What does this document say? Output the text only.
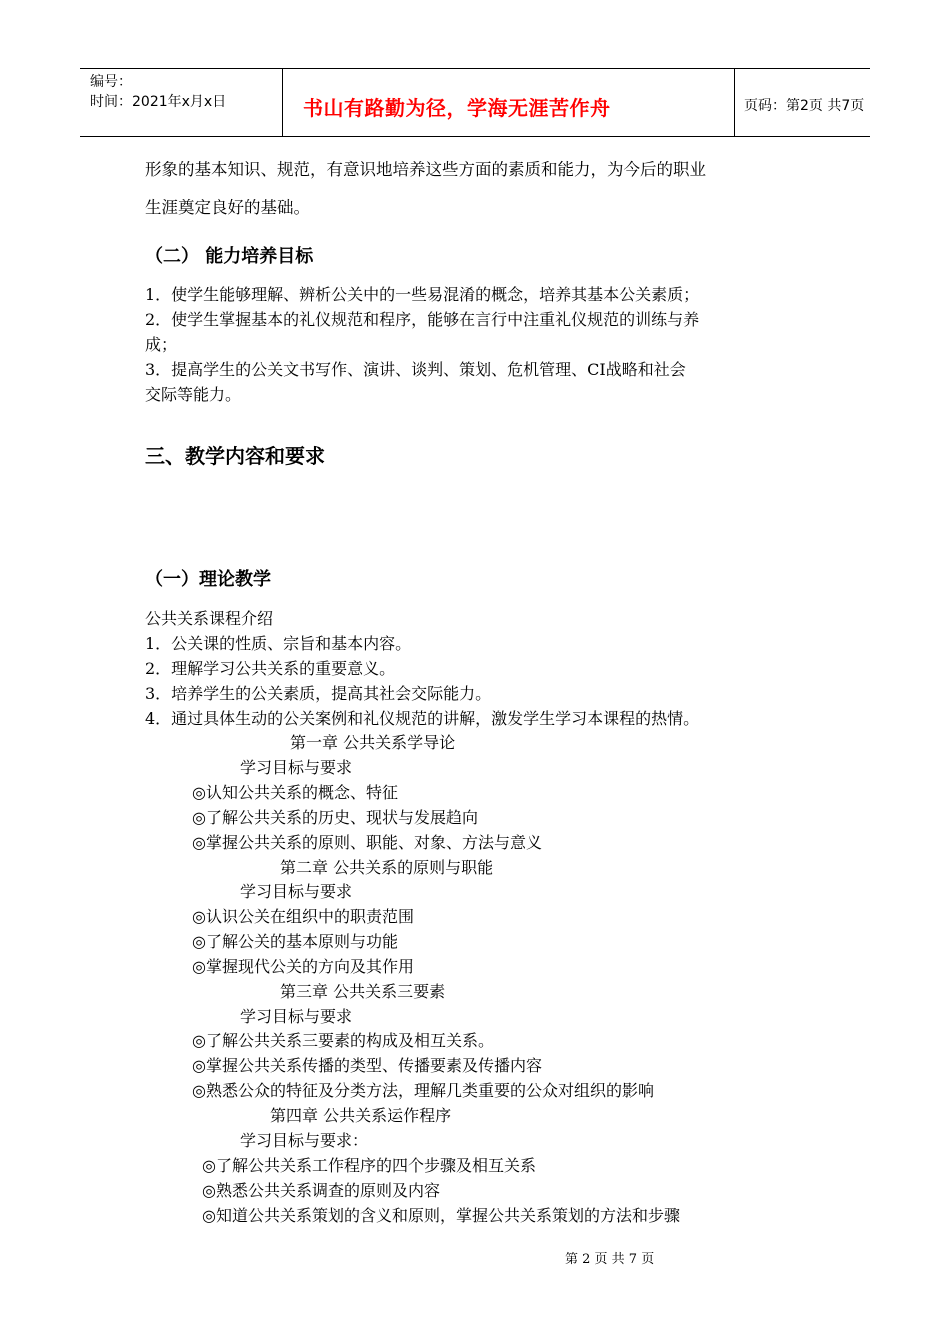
编号：
时间：2021年x月x日	书山有路勤为径，学海无涯苦作舟	页码：第2页 共7页
形象的基本知识、规范，有意识地培养这些方面的素质和能力，为今后的职业
生涯奠定良好的基础。
（二） 能力培养目标
1．使学生能够理解、辨析公关中的一些易混淆的概念，培养其基本公关素质；
2．使学生掌握基本的礼仪规范和程序，能够在言行中注重礼仪规范的训练与养
成；
3．提高学生的公关文书写作、演讲、谈判、策划、危机管理、CI战略和社会
交际等能力。
三、教学内容和要求
（一）理论教学
公共关系课程介绍
1．公关课的性质、宗旨和基本内容。
2．理解学习公共关系的重要意义。
3．培养学生的公关素质，提高其社会交际能力。
4．通过具体生动的公关案例和礼仪规范的讲解，激发学生学习本课程的热情。
第一章 公共关系学导论
学习目标与要求
◎认知公共关系的概念、特征
◎了解公共关系的历史、现状与发展趋向
◎掌握公共关系的原则、职能、对象、方法与意义
第二章 公共关系的原则与职能
学习目标与要求
◎认识公关在组织中的职责范围
◎了解公关的基本原则与功能
◎掌握现代公关的方向及其作用
第三章 公共关系三要素
学习目标与要求
◎了解公共关系三要素的构成及相互关系。
◎掌握公共关系传播的类型、传播要素及传播内容
◎熟悉公众的特征及分类方法，理解几类重要的公众对组织的影响
第四章 公共关系运作程序
学习目标与要求：
◎了解公共关系工作程序的四个步骤及相互关系
◎熟悉公共关系调查的原则及内容
◎知道公共关系策划的含义和原则，掌握公共关系策划的方法和步骤
第 2 页 共 7 页
